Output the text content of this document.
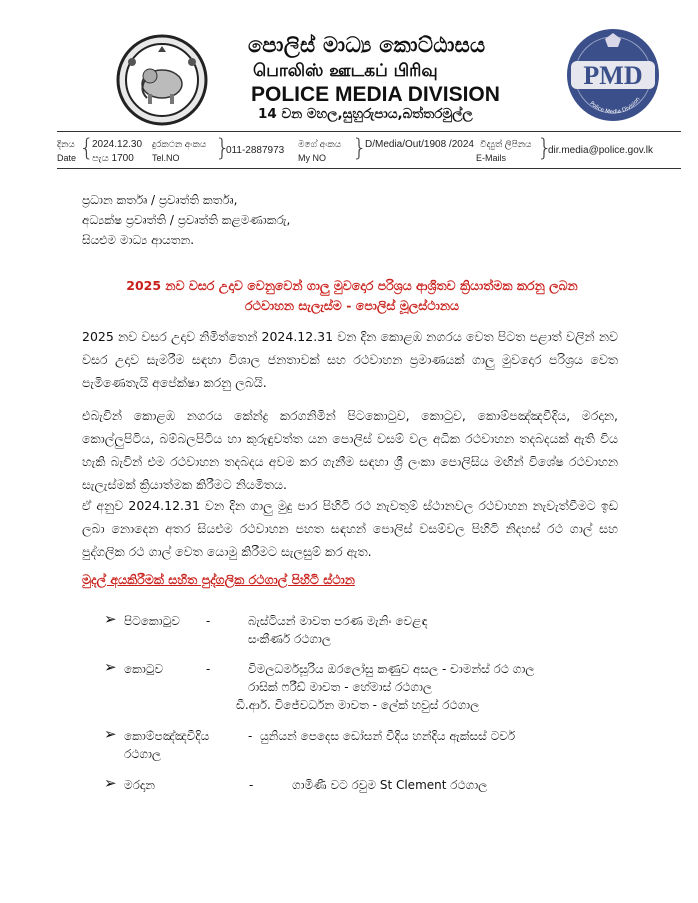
පොලිස් මාධ්‍ය කොට්ඨාසය
பொலிஸ் ஊடகப் பிரிவு
POLICE MEDIA DIVISION
14 වන මහල,සුහුරුපාය,බත්තරමුල්ල
PMD
Police Media Division
දිනය
Date {
2024.12.30
පැය 1700
දුරකථන අංකය
Tel.NO }
011-2887973
මගේ අංකය
My NO }
D/Media/Out/1908 /2024 විද්‍යුත් ලිපිනය
E-Mails }
dir.media@police.gov.lk
ප්‍රධාන කර්තෘ / ප්‍රවෘත්ති කර්තෘ,
අධ්‍යක්ෂ ප්‍රවෘත්ති / ප්‍රවෘත්ති කළමණාකරු,
සියළුම මාධ්‍ය ආයතන.
2025 නව වසර උදාව වෙනුවෙන් ගාලු මුවදොර පරිශ්‍රය ආශ්‍රිතව ක්‍රියාත්මක කරනු ලබන
රථවාහන සැලැස්ම - පොලිස් මූලස්ථානය
2025 නව වසර උදාව නිමිත්තෙන් 2024.12.31 වන දින කොළඹ නගරය වෙත පිටත පළාත් වලින් නව වසර උදාව සැමරීම සඳහා විශාල ජනතාවක් සහ රථවාහන ප්‍රමාණයක් ගාලු මුවදොර පරිශ්‍රය වෙත පැමිණෙතැයි අපේක්ෂා කරනු ලබයි.
එබැවින් කොළඹ නගරය කේන්ද්‍ර කරගනිමින් පිටකොටුව, කොටුව, කොම්පඤ්ඤවීදිය, මරදාන, කොල්ලුපිටිය, බම්බලපිටිය හා කුරුඳුවත්ත යන පොලිස් වසම් වල අධික රථවාහන තදබදයක් ඇති විය හැකි බැවින් එම රථවාහන තදබදය අවම කර ගැනීම සඳහා ශ්‍රී ලංකා පොලිසිය මඟින් විශේෂ රථවාහන සැලැස්මක් ක්‍රියාත්මක කිරීමට නියමිතය.
ඒ අනුව 2024.12.31 වන දින ගාලු මුදු පාර පිහිටි රථ නැවතුම් ස්ථානවල රථවාහන නැවැත්වීමට ඉඩ ලබා නොදෙන අතර සියළුම රථවාහන පහත සඳහන් පොලිස් වසම්වල පිහිටි නිදහස් රථ ගාල් සහ පුද්ගලික රථ ගාල් වෙත යොමු කිරීමට සැලසුම් කර ඇත.
මුදල් අයකිරීමක් සහිත පුද්ගලික රථගාල් පිහිටි ස්ථාන
➢ පිටකොටුව -	බැස්ටියන් මාවත පරණ මැනිං වෙළඳ
සංකීර්ණ රථගාල
➢ කොටුව	-	විමලධර්මසූරිය ඔරලෝසු කණුව අසල - චාමන්ස් රථ ගාල
රාසික් ෆරීඩ් මාවත - හේමාස් රථගාල
ඩී.ආර්. විජේවර්ධන මාවත - ලේක් හවුස් රථගාල
➢ කොම්පඤ්ඤවීදිය	- යුනියන් පෙදෙස ඩෝසන් වීදිය හන්දිය ඇක්සස් ටවර්
රථගාල
➢ මරදාන	-	ගාමිණී වට රවුම St Clement රථගාල
